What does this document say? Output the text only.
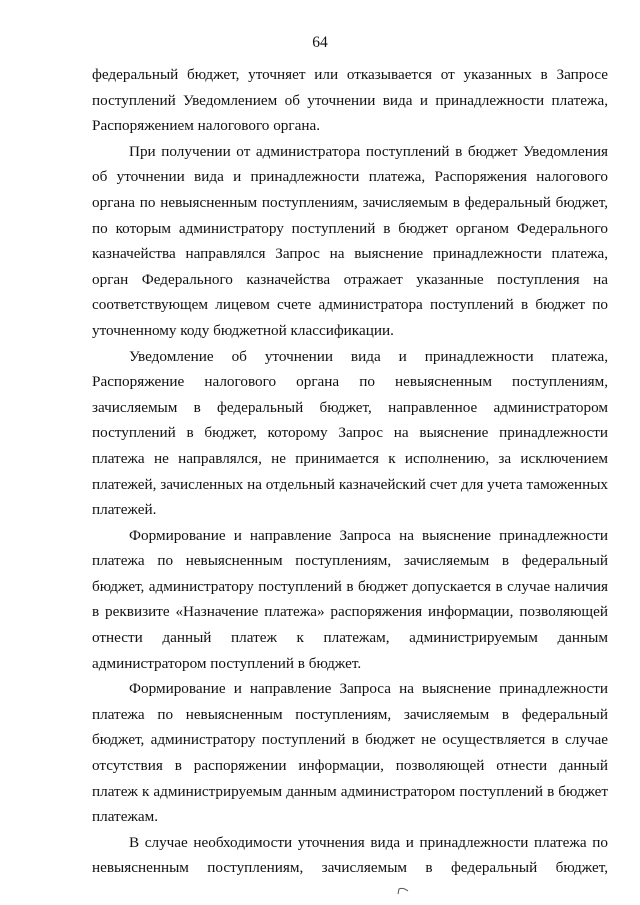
64

федеральный бюджет, уточняет или отказывается от указанных в Запросе поступлений Уведомлением об уточнении вида и принадлежности платежа, Распоряжением налогового органа.

При получении от администратора поступлений в бюджет Уведомления об уточнении вида и принадлежности платежа, Распоряжения налогового органа по невыясненным поступлениям, зачисляемым в федеральный бюджет, по которым администратору поступлений в бюджет органом Федерального казначейства направлялся Запрос на выяснение принадлежности платежа, орган Федерального казначейства отражает указанные поступления на соответствующем лицевом счете администратора поступлений в бюджет по уточненному коду бюджетной классификации.

Уведомление об уточнении вида и принадлежности платежа, Распоряжение налогового органа по невыясненным поступлениям, зачисляемым в федеральный бюджет, направленное администратором поступлений в бюджет, которому Запрос на выяснение принадлежности платежа не направлялся, не принимается к исполнению, за исключением платежей, зачисленных на отдельный казначейский счет для учета таможенных платежей.

Формирование и направление Запроса на выяснение принадлежности платежа по невыясненным поступлениям, зачисляемым в федеральный бюджет, администратору поступлений в бюджет допускается в случае наличия в реквизите «Назначение платежа» распоряжения информации, позволяющей отнести данный платеж к платежам, администрируемым данным администратором поступлений в бюджет.

Формирование и направление Запроса на выяснение принадлежности платежа по невыясненным поступлениям, зачисляемым в федеральный бюджет, администратору поступлений в бюджет не осуществляется в случае отсутствия в распоряжении информации, позволяющей отнести данный платеж к администрируемым данным администратором поступлений в бюджет платежам.

В случае необходимости уточнения вида и принадлежности платежа по невыясненным поступлениям, зачисляемым в федеральный бюджет,
